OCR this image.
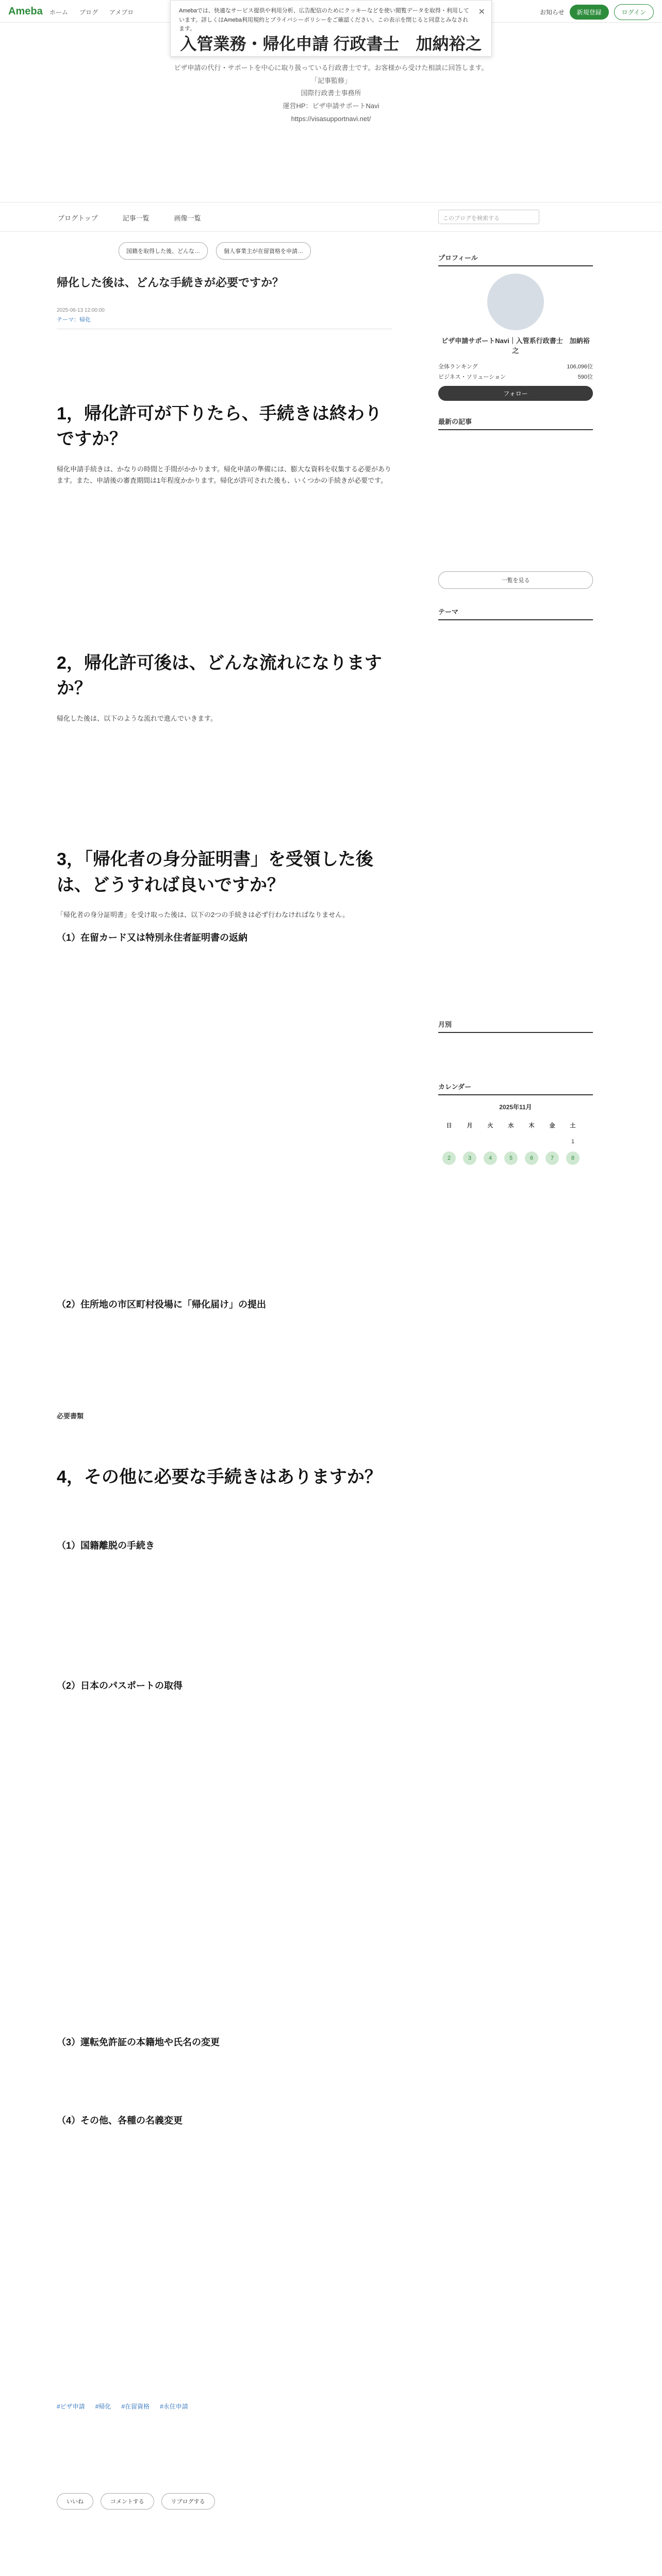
Ameba ホーム ブログ アメブロ	お知らせ	新規登録	ログイン
Amebaでは、快適なサービス提供や利用分析、広告配信のためにクッキーなどを使い閲覧データを取得・利用しています。詳しくはAmeba利用規約とプライバシーポリシーをご確認ください。この表示を閉じると同意とみなされます。
✕
入管業務・帰化申請 行政書士　加納裕之
ビザ申請の代行・サポートを中心に取り扱っている行政書士です。お客様から受けた相談に回答します。
「記事監修」
国際行政書士事務所
運営HP：ビザ申請サポートNavi
https://visasupportnavi.net/
ブログトップ	記事一覧	画像一覧	このブログを検索する
国籍を取得した後、どんな…	個人事業主が在留資格を申請…
帰化した後は、どんな手続きが必要ですか？
2025-06-13 12:00:00
テーマ：帰化
1，帰化許可が下りたら、手続きは終わりですか？
帰化申請手続きは、かなりの時間と手間がかかります。帰化申請の準備には、膨大な資料を収集する必要があります。また、申請後の審査期間は1年程度かかります。帰化が許可された後も、いくつかの手続きが必要です。
2，帰化許可後は、どんな流れになりますか？
帰化した後は、以下のような流れで進んでいきます。
3，「帰化者の身分証明書」を受領した後は、どうすれば良いですか？
「帰化者の身分証明書」を受け取った後は、以下の2つの手続きは必ず行わなければなりません。
（1）在留カード又は特別永住者証明書の返納
（2）住所地の市区町村役場に「帰化届け」の提出
必要書類
4，その他に必要な手続きはありますか？
（1）国籍離脱の手続き
（2）日本のパスポートの取得
（3）運転免許証の本籍地や氏名の変更
（4）その他、各種の名義変更
#ビザ申請 #帰化 #在留資格 #永住申請
いいね	コメントする	リブログする
プロフィール
ビザ申請サポートNavi｜入管系行政書士　加納裕之
全体ランキング	106,096位
ビジネス・ソリューション	590位
フォロー
最新の記事
一覧を見る
テーマ
月別
カレンダー
2025年11月
日	月	火	水	木	金	土
						1
2	3	4	5	6	7	8
